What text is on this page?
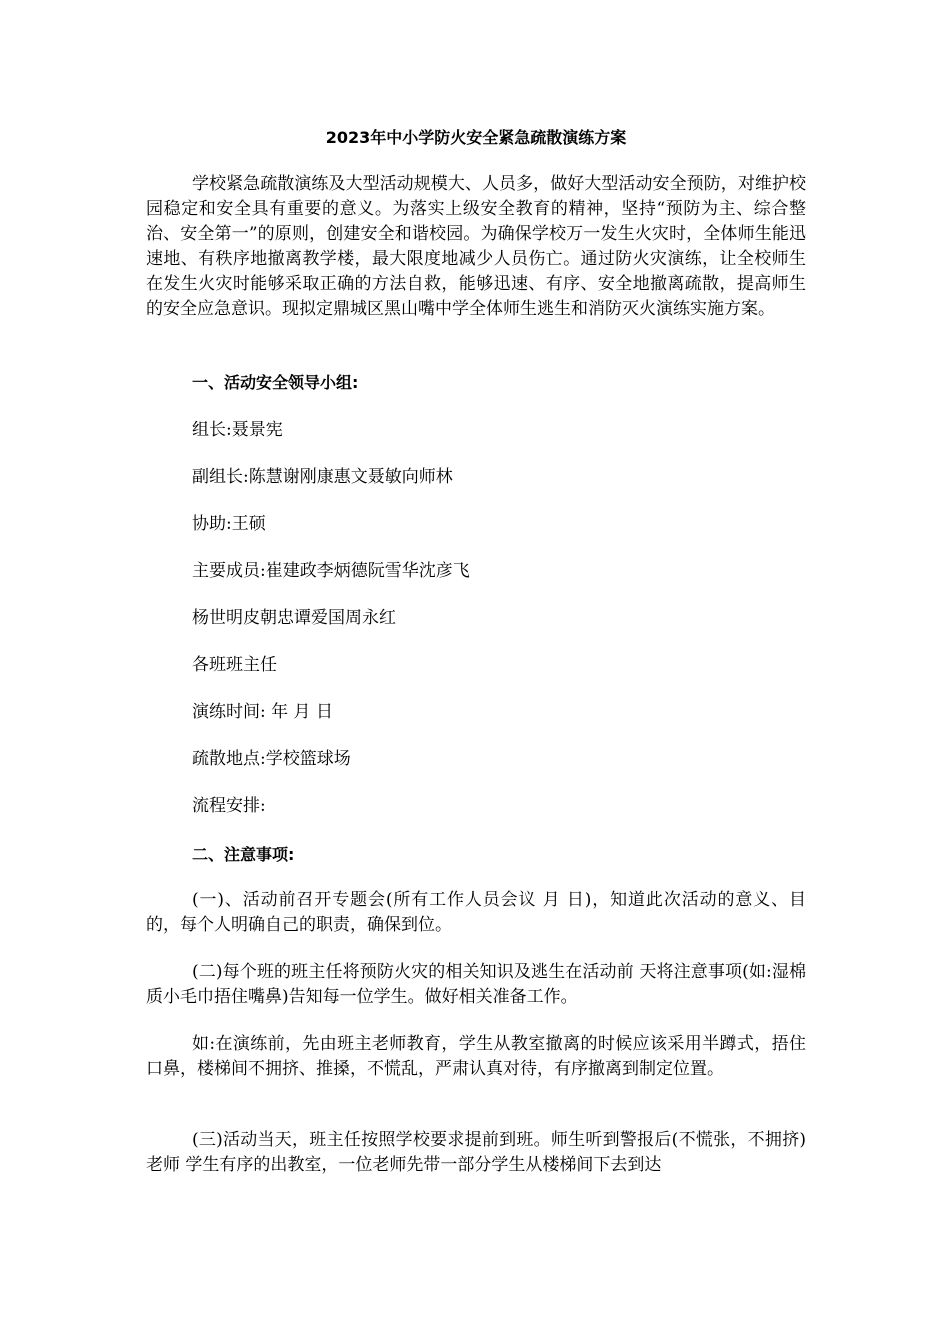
2023年中小学防火安全紧急疏散演练方案

学校紧急疏散演练及大型活动规模大、人员多，做好大型活动安全预防，对维护校园稳定和安全具有重要的意义。为落实上级安全教育的精神，坚持“预防为主、综合整治、安全第一”的原则，创建安全和谐校园。为确保学校万一发生火灾时，全体师生能迅速地、有秩序地撤离教学楼，最大限度地减少人员伤亡。通过防火灾演练，让全校师生在发生火灾时能够采取正确的方法自救，能够迅速、有序、安全地撤离疏散，提高师生的安全应急意识。现拟定鼎城区黑山嘴中学全体师生逃生和消防灭火演练实施方案。

一、活动安全领导小组:

组长:聂景宪

副组长:陈慧谢刚康惠文聂敏向师林

协助:王硕

主要成员:崔建政李炳德阮雪华沈彦飞

杨世明皮朝忠谭爱国周永红

各班班主任

演练时间: 年 月 日

疏散地点:学校篮球场

流程安排:

二、注意事项:

(一)、活动前召开专题会(所有工作人员会议 月 日)，知道此次活动的意义、目的，每个人明确自己的职责，确保到位。

(二)每个班的班主任将预防火灾的相关知识及逃生在活动前 天将注意事项(如:湿棉质小毛巾捂住嘴鼻)告知每一位学生。做好相关准备工作。

如:在演练前，先由班主老师教育，学生从教室撤离的时候应该采用半蹲式，捂住口鼻，楼梯间不拥挤、推搡，不慌乱，严肃认真对待，有序撤离到制定位置。

(三)活动当天，班主任按照学校要求提前到班。师生听到警报后(不慌张，不拥挤)老师 学生有序的出教室，一位老师先带一部分学生从楼梯间下去到达
